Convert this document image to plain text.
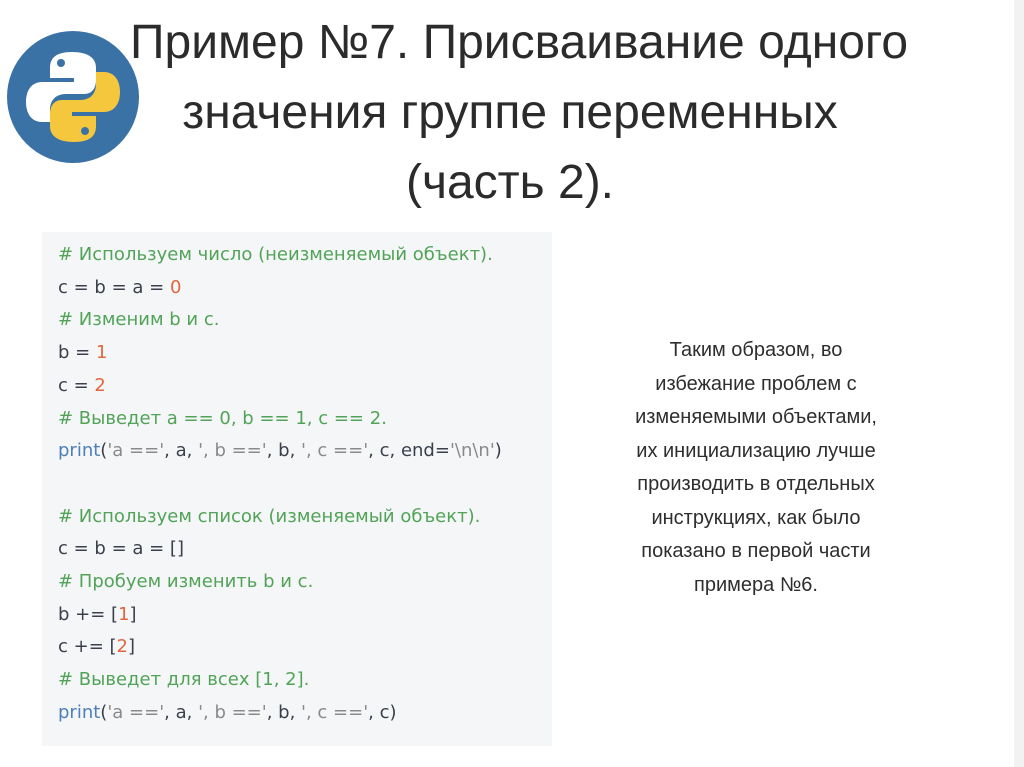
Пример №7. Присваивание одного
значения группе переменных
(часть 2).
# Используем число (неизменяемый объект).
c = b = a = 0
# Изменим b и c.
b = 1
c = 2
# Выведет a == 0, b == 1, c == 2.
print('a ==', a, ', b ==', b, ', c ==', c, end='\n\n')
# Используем список (изменяемый объект).
c = b = a = []
# Пробуем изменить b и c.
b += [1]
c += [2]
# Выведет для всех [1, 2].
print('a ==', a, ', b ==', b, ', c ==', c)

Таким образом, во
избежание проблем с
изменяемыми объектами,
их инициализацию лучше
производить в отдельных
инструкциях, как было
показано в первой части
примера №6.
